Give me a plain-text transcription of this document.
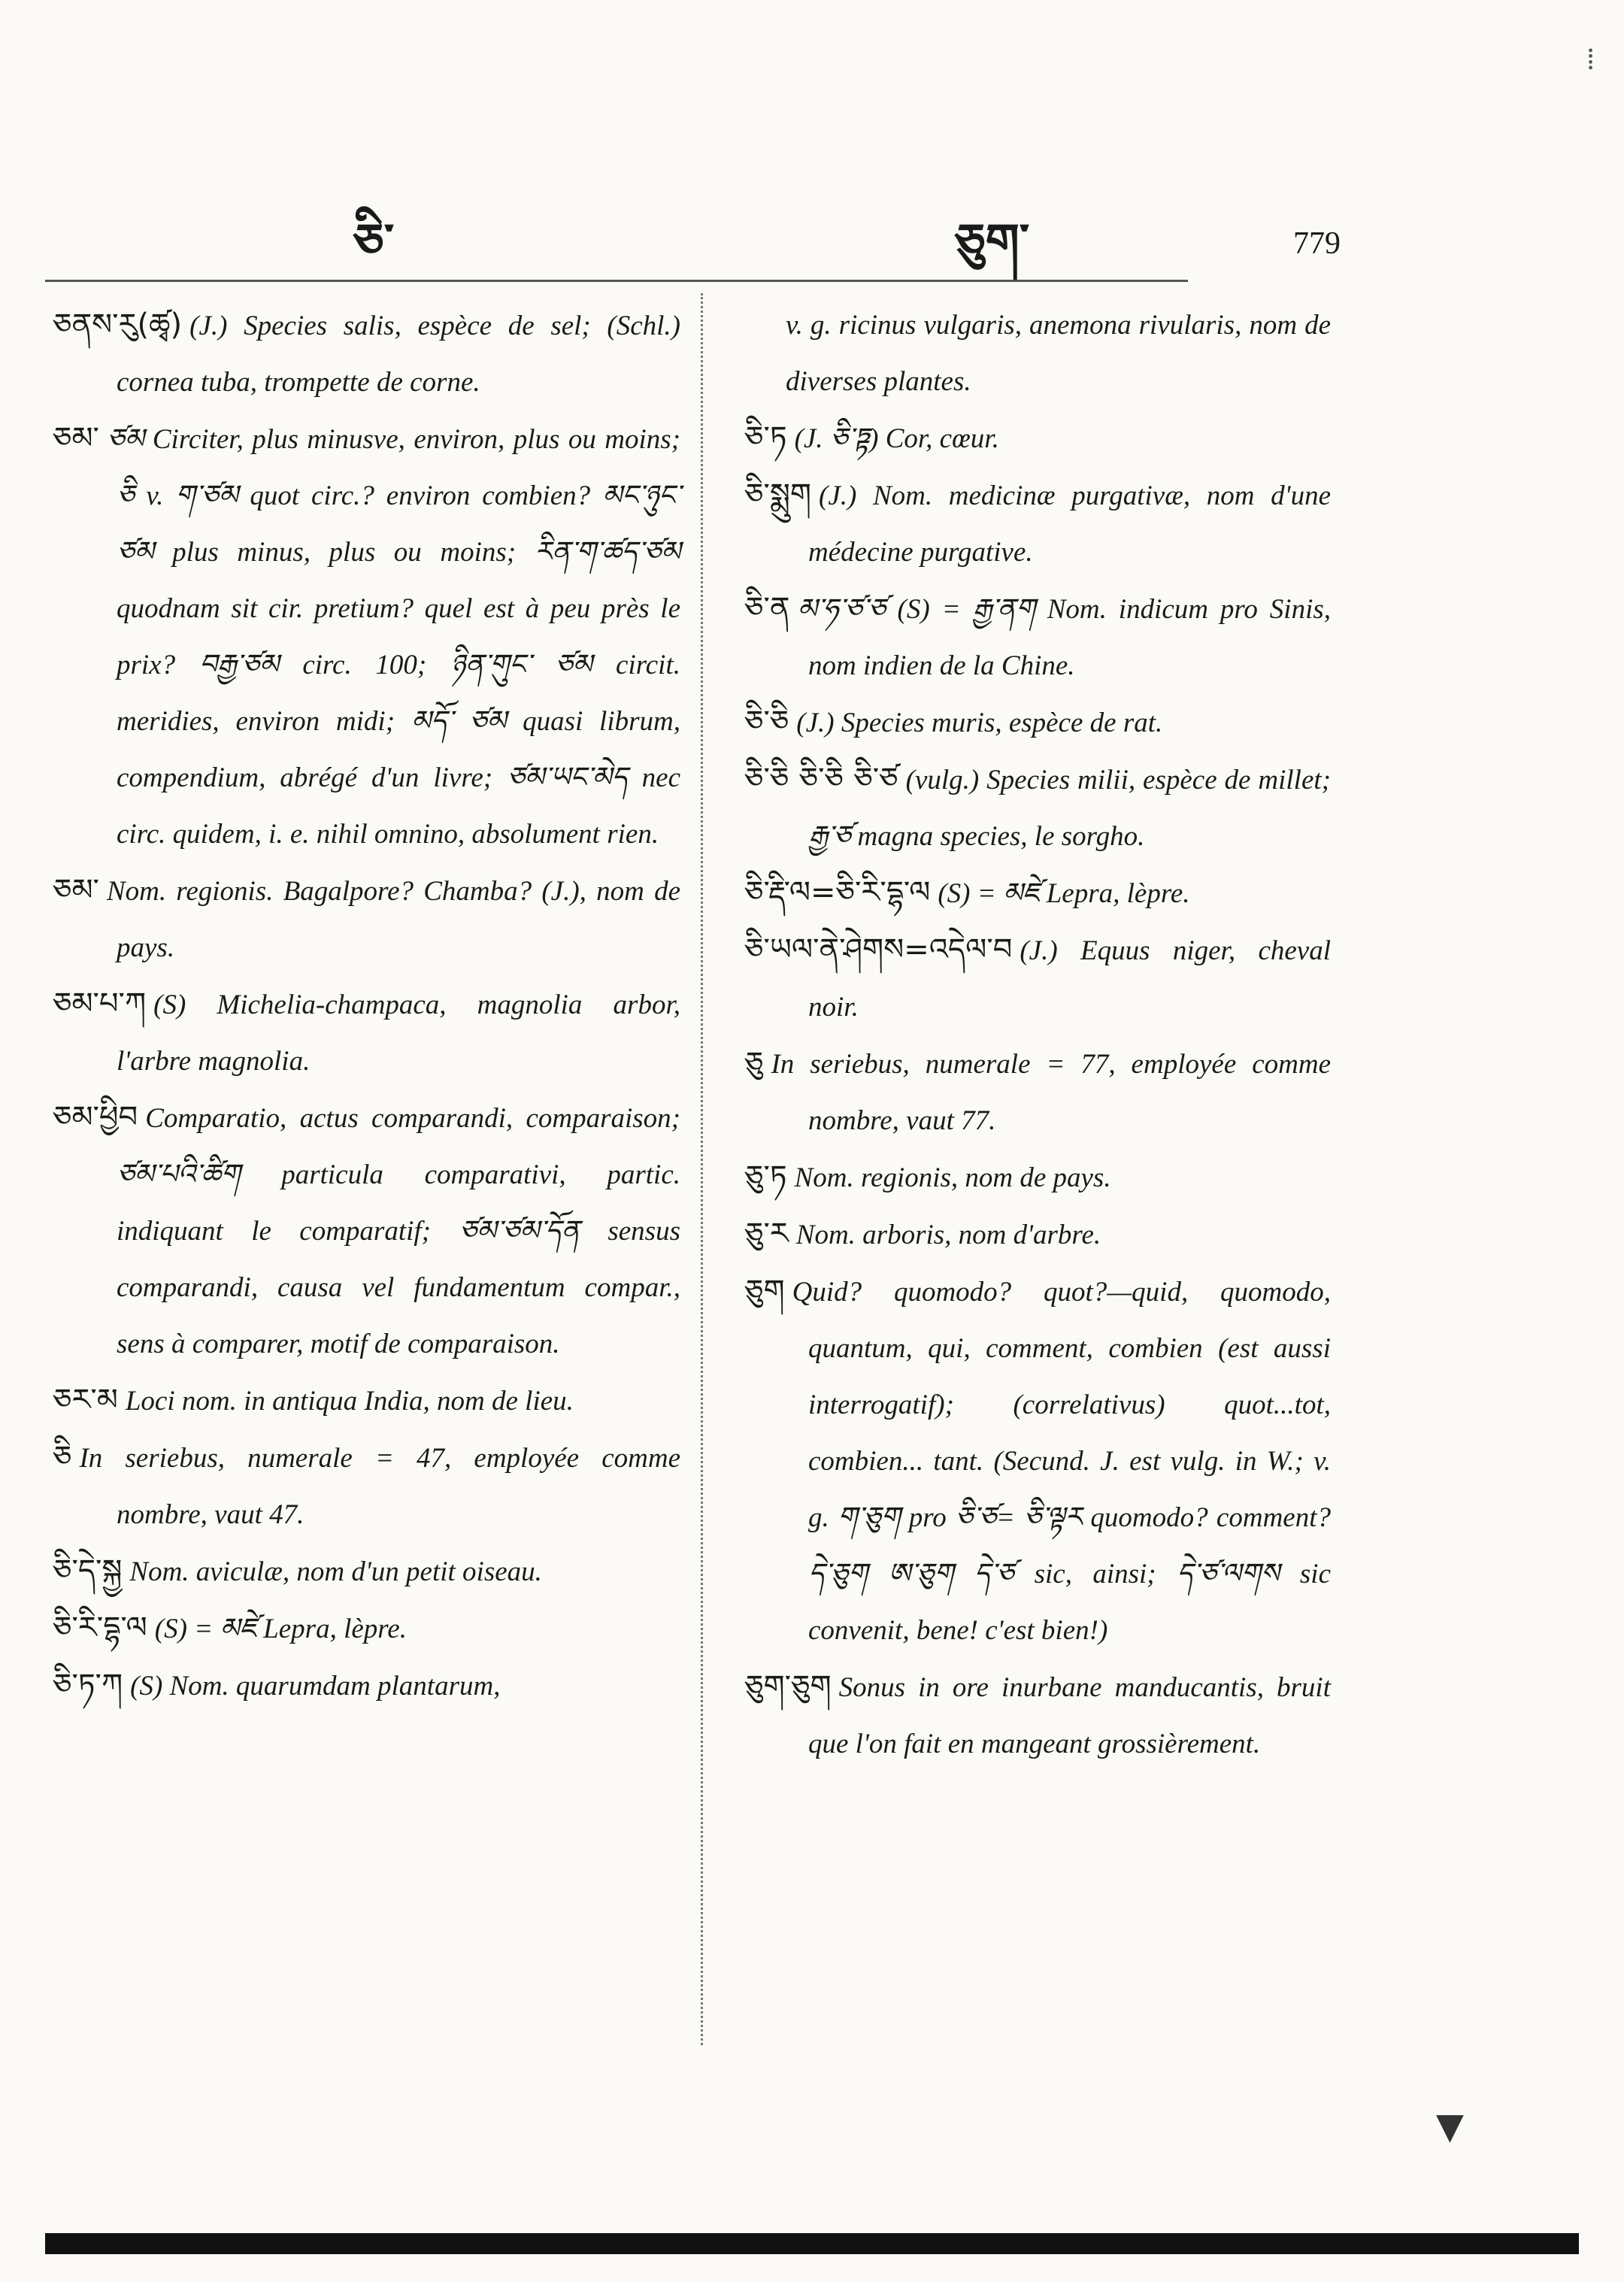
ཅི་	ཅུག་	779
⁞
▼

ཅནས་རུ(ཚྭ) (J.) Species salis, espèce de sel; (Schl.) cornea tuba, trompette de corne.

ཅམ་ ཙམ Circiter, plus minusve, environ, plus ou moins; ཅི v. ག་ཙམ quot circ.? environ combien? མང་ཉུང་ཙམ plus minus, plus ou moins; རིན་ག་ཚད་ཙམ quodnam sit cir. pretium? quel est à peu près le prix? བརྒྱ་ཙམ circ. 100; ཉིན་གུང་ ཙམ circit. meridies, environ midi; མདོ་ ཙམ quasi librum, compendium, abrégé d'un livre; ཙམ་ཡང་མེད nec circ. quidem, i. e. nihil omnino, absolument rien.

ཅམ་ Nom. regionis. Bagalpore? Chamba? (J.), nom de pays.

ཅམ་པ་ཀ (S) Michelia-champaca, magnolia arbor, l'arbre magnolia.

ཅམ་ཕྱིབ Comparatio, actus comparandi, comparaison; ཙམ་པའི་ཚིག particula comparativi, partic. indiquant le comparatif; ཙམ་ཙམ་དོན sensus comparandi, causa vel fundamentum compar., sens à comparer, motif de comparaison.

ཅར་མ Loci nom. in antiqua India, nom de lieu.

ཅི In seriebus, numerale = 47, employée comme nombre, vaut 47.

ཅི་དེ་སྐྱ Nom. aviculæ, nom d'un petit oiseau.

ཅི་རི་དྷ་ལ (S) = མཛེ Lepra, lèpre.

ཅི་ཏ་ཀ (S) Nom. quarumdam plantarum,

v. g. ricinus vulgaris, anemona rivularis, nom de diverses plantes.

ཅི་ཏ (J. ཅི་ཏྟ) Cor, cœur.

ཅི་སྨུག (J.) Nom. medicinæ purgativæ, nom d'une médecine purgative.

ཅི་ན མ་ཧ་ཙ་ཙ (S) = རྒྱ་ནག Nom. indicum pro Sinis, nom indien de la Chine.

ཅི་ཅི (J.) Species muris, espèce de rat.

ཅི་ཅི ཅི་ཅི ཅི་ཙ (vulg.) Species milii, espèce de millet; རྒྱ་ཙ magna species, le sorgho.

ཅི་རྡི་ལ=ཅི་རི་དྷ་ལ (S) = མཛེ Lepra, lèpre.

ཅི་ཡལ་ནེ་ཤེགས=འདེལ་བ (J.) Equus niger, cheval noir.

ཅུ In seriebus, numerale = 77, employée comme nombre, vaut 77.

ཅུ་ཏ Nom. regionis, nom de pays.

ཅུ་ར Nom. arboris, nom d'arbre.

ཅུག Quid? quomodo? quot?—quid, quomodo, quantum, qui, comment, combien (est aussi interrogatif); (correlativus) quot...tot, combien... tant. (Secund. J. est vulg. in W.; v. g. ག་ཅུག pro ཅི་ཙ= ཅི་ལྟར quomodo? comment? དེ་ཅུག ཨ་ཅུག དེ་ཙ sic, ainsi; དེ་ཙ་ལགས sic convenit, bene! c'est bien!)

ཅུག་ཅུག Sonus in ore inurbane manducantis, bruit que l'on fait en mangeant grossièrement.
